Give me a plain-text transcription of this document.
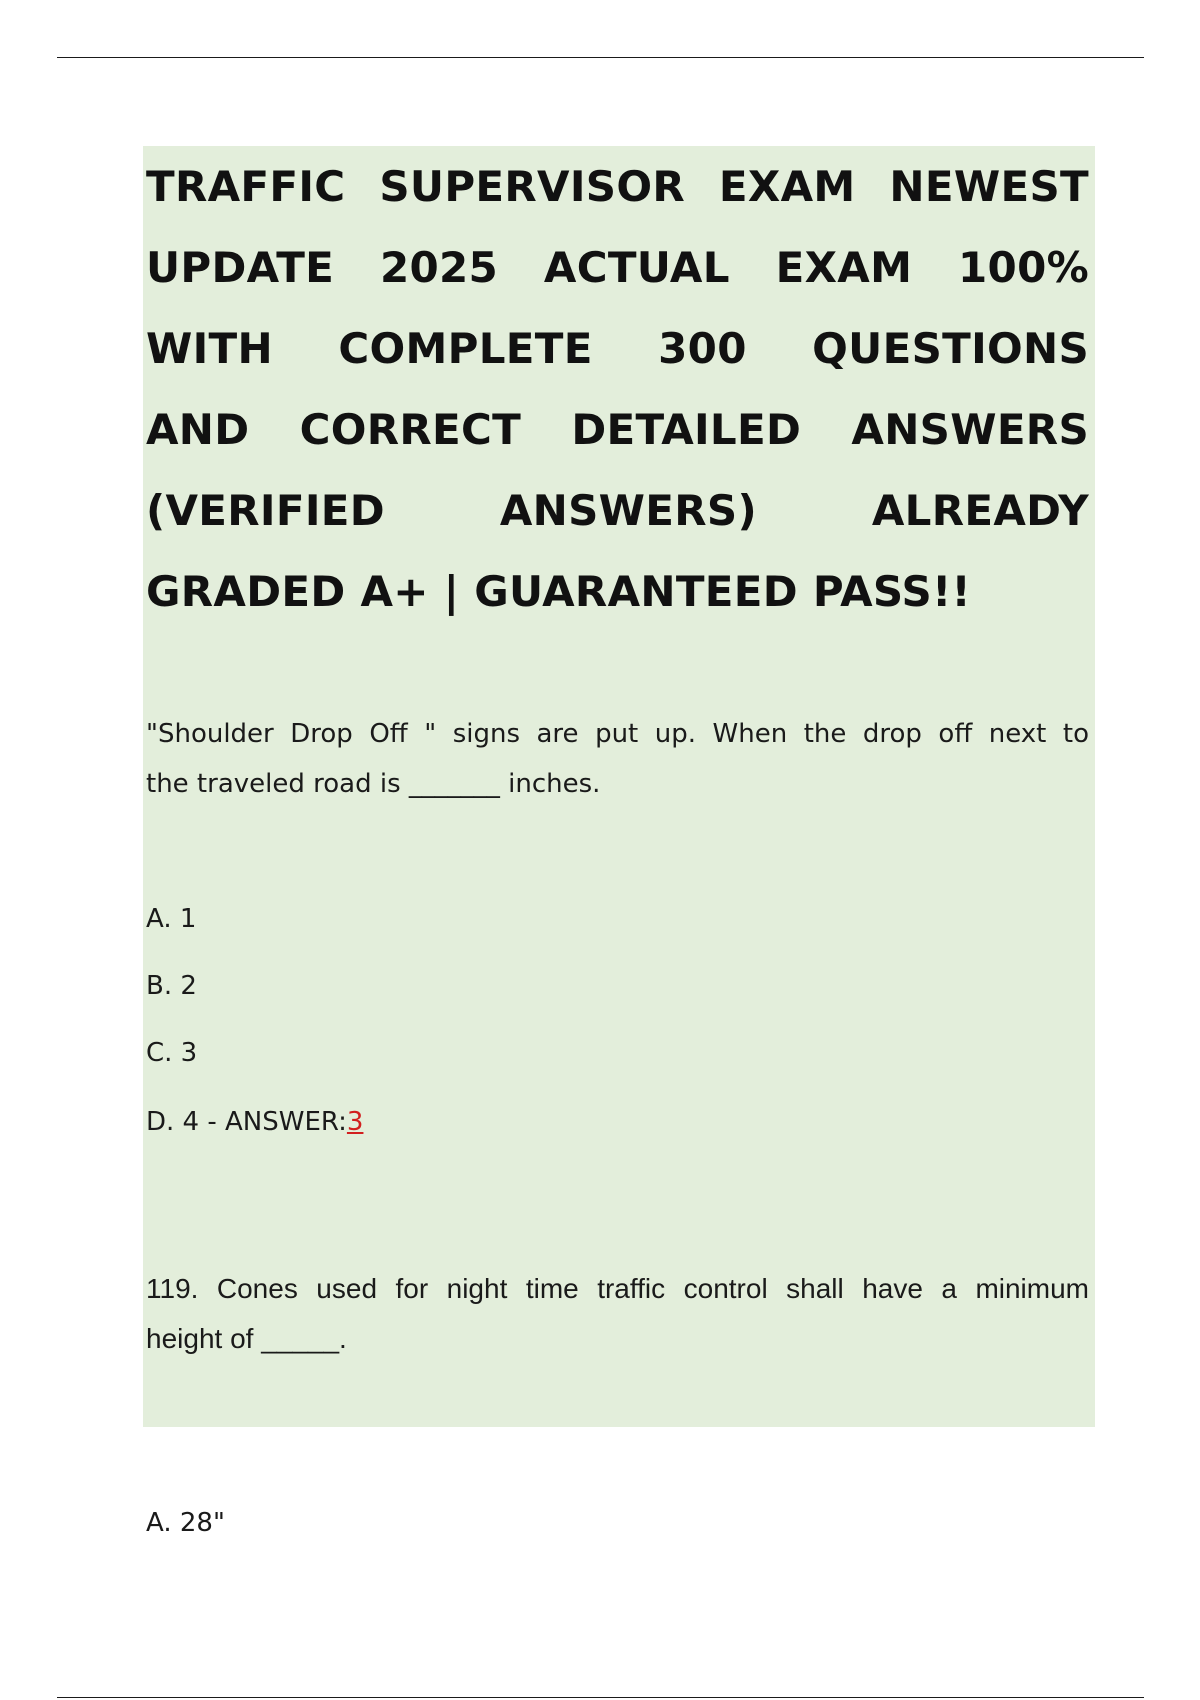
TRAFFIC SUPERVISOR EXAM NEWEST
UPDATE 2025 ACTUAL EXAM 100%
WITH COMPLETE 300 QUESTIONS
AND CORRECT DETAILED ANSWERS
(VERIFIED ANSWERS) ALREADY
GRADED A+ | GUARANTEED PASS!!

"Shoulder Drop Off " signs are put up. When the drop off next to
the traveled road is _______ inches.

A. 1
B. 2
C. 3
D. 4 - ANSWER:3

119. Cones used for night time traffic control shall have a minimum
height of _____.

A. 28"
